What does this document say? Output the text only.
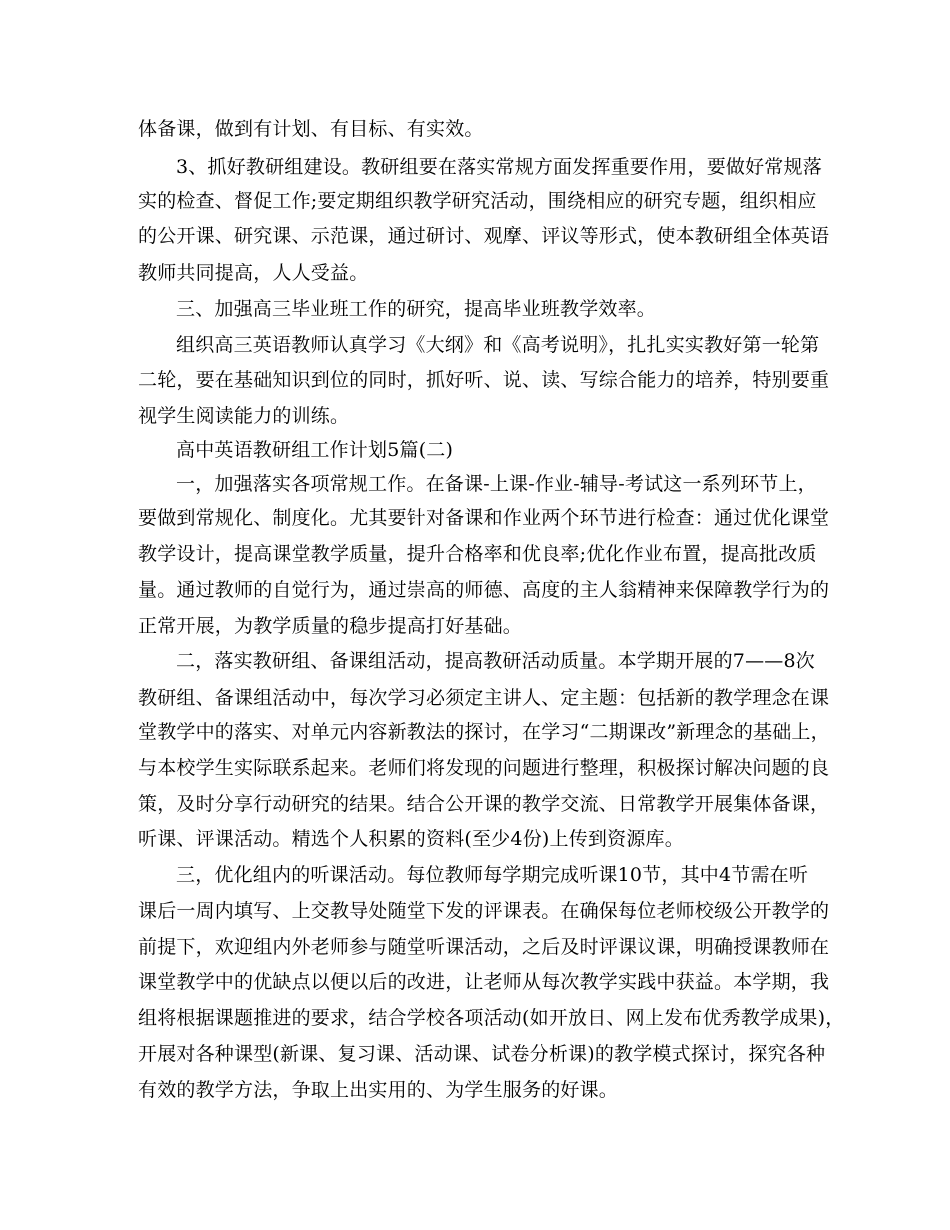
体备课，做到有计划、有目标、有实效。
3、抓好教研组建设。教研组要在落实常规方面发挥重要作用，要做好常规落
实的检查、督促工作;要定期组织教学研究活动，围绕相应的研究专题，组织相应
的公开课、研究课、示范课，通过研讨、观摩、评议等形式，使本教研组全体英语
教师共同提高，人人受益。
三、加强高三毕业班工作的研究，提高毕业班教学效率。
组织高三英语教师认真学习《大纲》和《高考说明》，扎扎实实教好第一轮第
二轮，要在基础知识到位的同时，抓好听、说、读、写综合能力的培养，特别要重
视学生阅读能力的训练。
高中英语教研组工作计划5篇(二)
一，加强落实各项常规工作。在备课-上课-作业-辅导-考试这一系列环节上，
要做到常规化、制度化。尤其要针对备课和作业两个环节进行检查：通过优化课堂
教学设计，提高课堂教学质量，提升合格率和优良率;优化作业布置，提高批改质
量。通过教师的自觉行为，通过崇高的师德、高度的主人翁精神来保障教学行为的
正常开展，为教学质量的稳步提高打好基础。
二，落实教研组、备课组活动，提高教研活动质量。本学期开展的7——8次
教研组、备课组活动中，每次学习必须定主讲人、定主题：包括新的教学理念在课
堂教学中的落实、对单元内容新教法的探讨，在学习“二期课改”新理念的基础上，
与本校学生实际联系起来。老师们将发现的问题进行整理，积极探讨解决问题的良
策，及时分享行动研究的结果。结合公开课的教学交流、日常教学开展集体备课，
听课、评课活动。精选个人积累的资料(至少4份)上传到资源库。
三，优化组内的听课活动。每位教师每学期完成听课10节，其中4节需在听
课后一周内填写、上交教导处随堂下发的评课表。在确保每位老师校级公开教学的
前提下，欢迎组内外老师参与随堂听课活动，之后及时评课议课，明确授课教师在
课堂教学中的优缺点以便以后的改进，让老师从每次教学实践中获益。本学期，我
组将根据课题推进的要求，结合学校各项活动(如开放日、网上发布优秀教学成果)，
开展对各种课型(新课、复习课、活动课、试卷分析课)的教学模式探讨，探究各种
有效的教学方法，争取上出实用的、为学生服务的好课。
